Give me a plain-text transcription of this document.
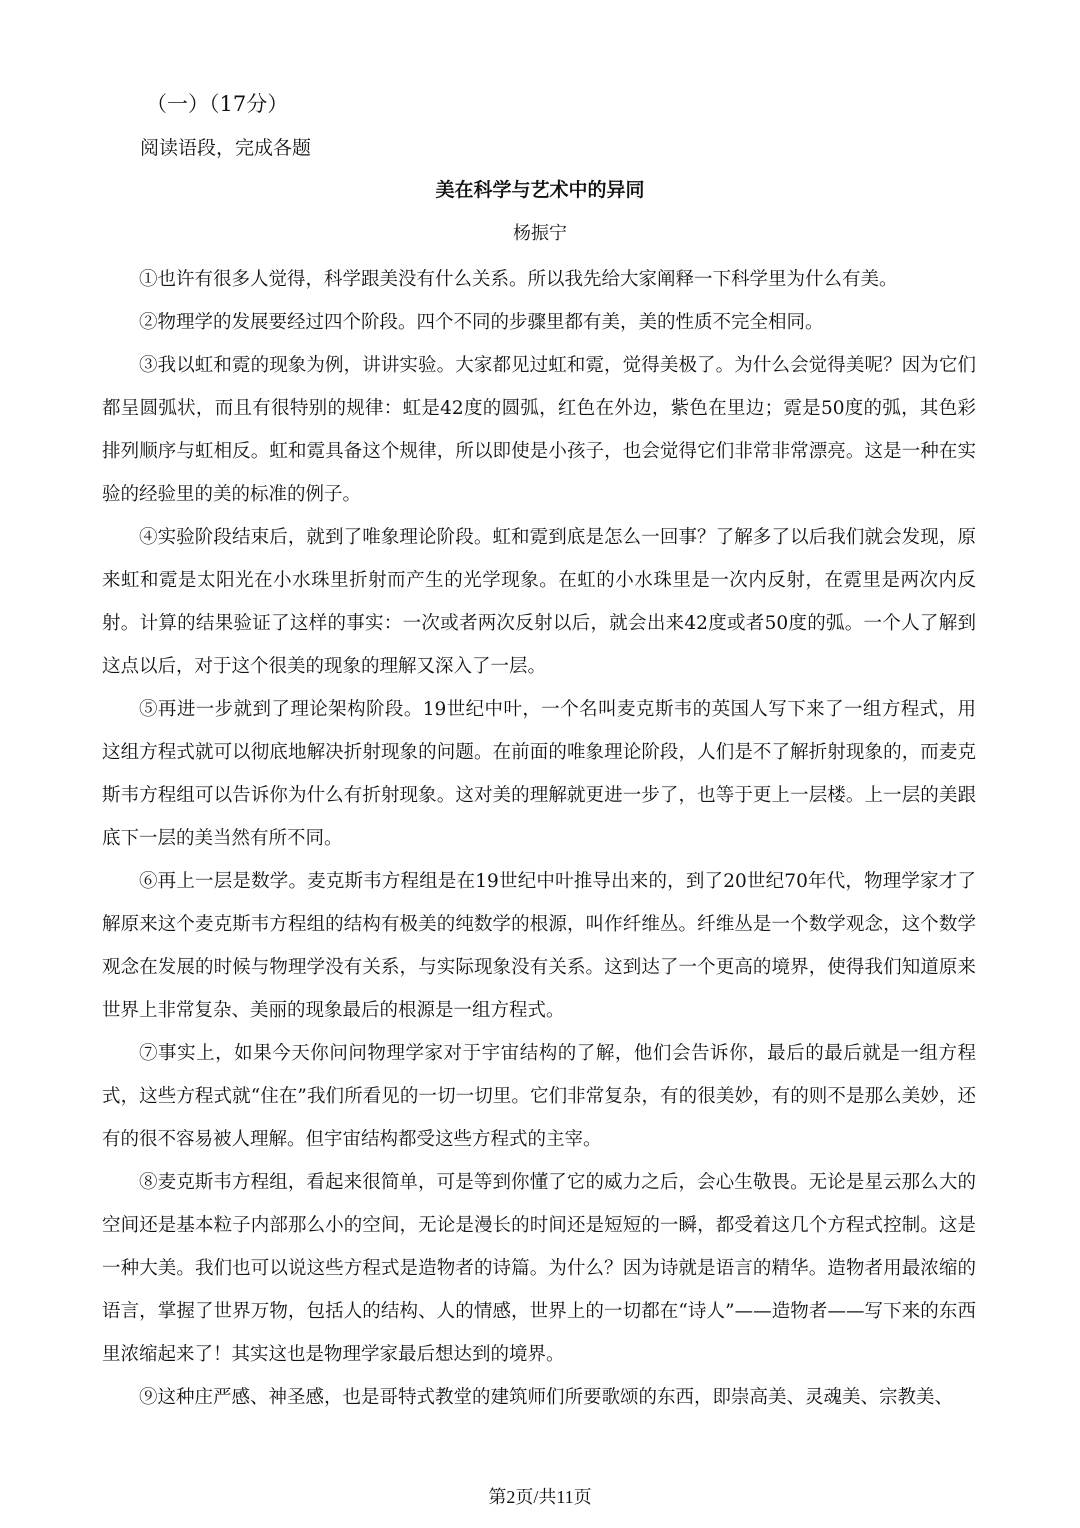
（一）（17分）
阅读语段，完成各题
美在科学与艺术中的异同
杨振宁

①也许有很多人觉得，科学跟美没有什么关系。所以我先给大家阐释一下科学里为什么有美。

②物理学的发展要经过四个阶段。四个不同的步骤里都有美，美的性质不完全相同。

③我以虹和霓的现象为例，讲讲实验。大家都见过虹和霓，觉得美极了。为什么会觉得美呢？因为它们都呈圆弧状，而且有很特别的规律：虹是42度的圆弧，红色在外边，紫色在里边；霓是50度的弧，其色彩排列顺序与虹相反。虹和霓具备这个规律，所以即使是小孩子，也会觉得它们非常非常漂亮。这是一种在实验的经验里的美的标准的例子。

④实验阶段结束后，就到了唯象理论阶段。虹和霓到底是怎么一回事？了解多了以后我们就会发现，原来虹和霓是太阳光在小水珠里折射而产生的光学现象。在虹的小水珠里是一次内反射，在霓里是两次内反射。计算的结果验证了这样的事实：一次或者两次反射以后，就会出来42度或者50度的弧。一个人了解到这点以后，对于这个很美的现象的理解又深入了一层。

⑤再进一步就到了理论架构阶段。19世纪中叶，一个名叫麦克斯韦的英国人写下来了一组方程式，用这组方程式就可以彻底地解决折射现象的问题。在前面的唯象理论阶段，人们是不了解折射现象的，而麦克斯韦方程组可以告诉你为什么有折射现象。这对美的理解就更进一步了，也等于更上一层楼。上一层的美跟底下一层的美当然有所不同。

⑥再上一层是数学。麦克斯韦方程组是在19世纪中叶推导出来的，到了20世纪70年代，物理学家才了解原来这个麦克斯韦方程组的结构有极美的纯数学的根源，叫作纤维丛。纤维丛是一个数学观念，这个数学观念在发展的时候与物理学没有关系，与实际现象没有关系。这到达了一个更高的境界，使得我们知道原来世界上非常复杂、美丽的现象最后的根源是一组方程式。

⑦事实上，如果今天你问问物理学家对于宇宙结构的了解，他们会告诉你，最后的最后就是一组方程式，这些方程式就“住在”我们所看见的一切一切里。它们非常复杂，有的很美妙，有的则不是那么美妙，还有的很不容易被人理解。但宇宙结构都受这些方程式的主宰。

⑧麦克斯韦方程组，看起来很简单，可是等到你懂了它的威力之后，会心生敬畏。无论是星云那么大的空间还是基本粒子内部那么小的空间，无论是漫长的时间还是短短的一瞬，都受着这几个方程式控制。这是一种大美。我们也可以说这些方程式是造物者的诗篇。为什么？因为诗就是语言的精华。造物者用最浓缩的语言，掌握了世界万物，包括人的结构、人的情感，世界上的一切都在“诗人”——造物者——写下来的东西里浓缩起来了！其实这也是物理学家最后想达到的境界。

⑨这种庄严感、神圣感，也是哥特式教堂的建筑师们所要歌颂的东西，即崇高美、灵魂美、宗教美、

第2页/共11页
